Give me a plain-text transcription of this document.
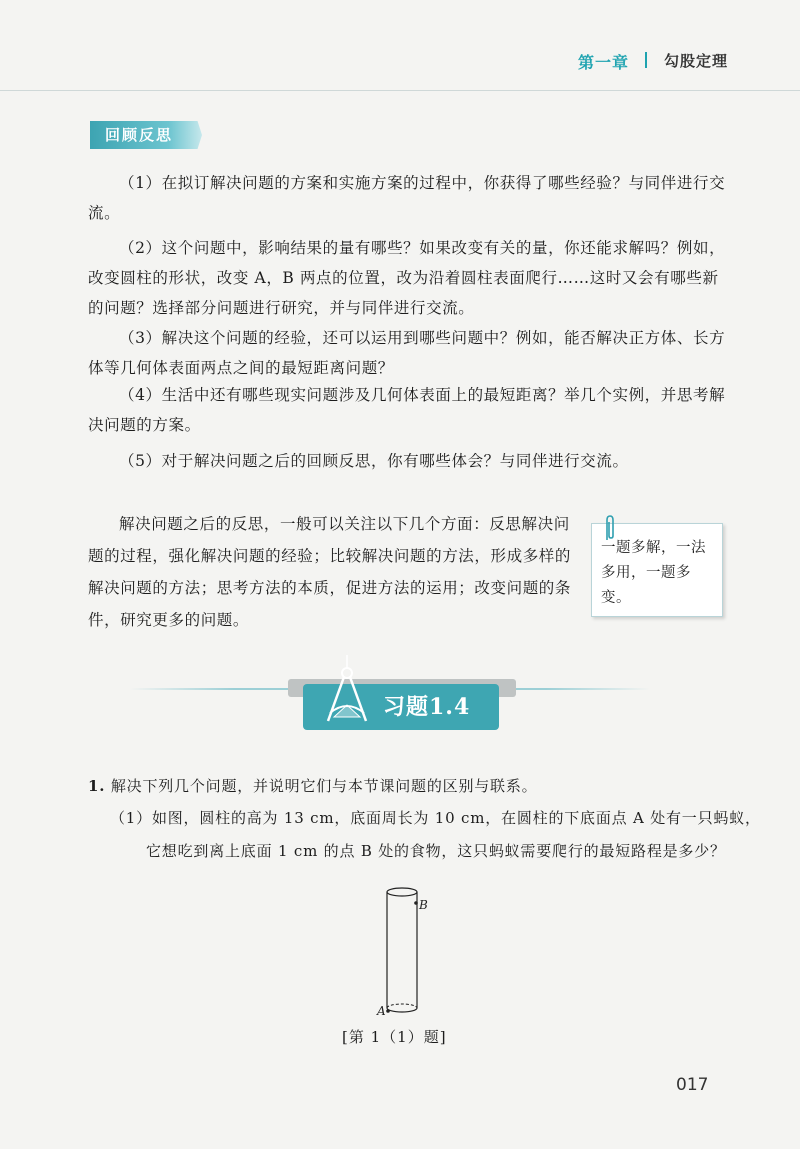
第一章 勾股定理
回顾反思

（1）在拟订解决问题的方案和实施方案的过程中，你获得了哪些经验？与同伴进行交流。

（2）这个问题中，影响结果的量有哪些？如果改变有关的量，你还能求解吗？例如，改变圆柱的形状，改变 A，B 两点的位置，改为沿着圆柱表面爬行……这时又会有哪些新的问题？选择部分问题进行研究，并与同伴进行交流。

（3）解决这个问题的经验，还可以运用到哪些问题中？例如，能否解决正方体、长方体等几何体表面两点之间的最短距离问题？

（4）生活中还有哪些现实问题涉及几何体表面上的最短距离？举几个实例，并思考解决问题的方案。

（5）对于解决问题之后的回顾反思，你有哪些体会？与同伴进行交流。

解决问题之后的反思，一般可以关注以下几个方面：反思解决问题的过程，强化解决问题的经验；比较解决问题的方法，形成多样的解决问题的方法；思考方法的本质，促进方法的运用；改变问题的条件，研究更多的问题。

一题多解，一法多用，一题多变。

习题1.4

1. 解决下列几个问题，并说明它们与本节课问题的区别与联系。

（1）如图，圆柱的高为 13 cm，底面周长为 10 cm，在圆柱的下底面点 A 处有一只蚂蚁，它想吃到离上底面 1 cm 的点 B 处的食物，这只蚂蚁需要爬行的最短路程是多少？

B
A
[第 1（1）题]
017
